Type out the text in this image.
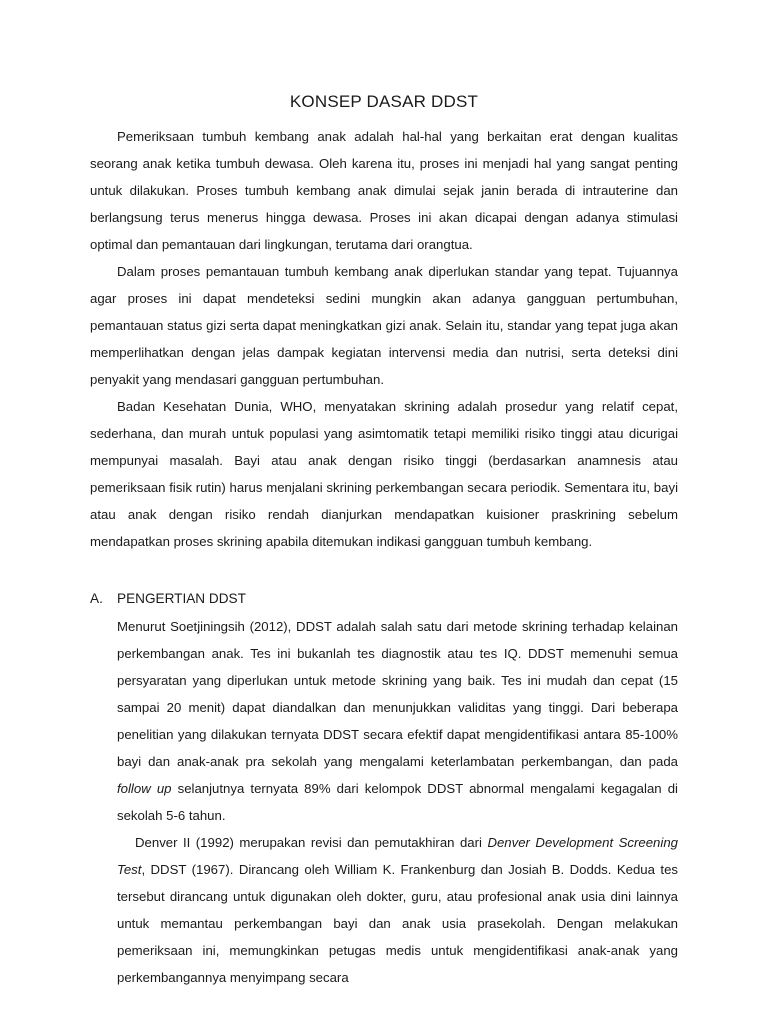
KONSEP DASAR DDST

Pemeriksaan tumbuh kembang anak adalah hal-hal yang berkaitan erat dengan kualitas seorang anak ketika tumbuh dewasa. Oleh karena itu, proses ini menjadi hal yang sangat penting untuk dilakukan. Proses tumbuh kembang anak dimulai sejak janin berada di intrauterine dan berlangsung terus menerus hingga dewasa. Proses ini akan dicapai dengan adanya stimulasi optimal dan pemantauan dari lingkungan, terutama dari orangtua.

Dalam proses pemantauan tumbuh kembang anak diperlukan standar yang tepat. Tujuannya agar proses ini dapat mendeteksi sedini mungkin akan adanya gangguan pertumbuhan, pemantauan status gizi serta dapat meningkatkan gizi anak. Selain itu, standar yang tepat juga akan memperlihatkan dengan jelas dampak kegiatan intervensi media dan nutrisi, serta deteksi dini penyakit yang mendasari gangguan pertumbuhan.

Badan Kesehatan Dunia, WHO, menyatakan skrining adalah prosedur yang relatif cepat, sederhana, dan murah untuk populasi yang asimtomatik tetapi memiliki risiko tinggi atau dicurigai mempunyai masalah. Bayi atau anak dengan risiko tinggi (berdasarkan anamnesis atau pemeriksaan fisik rutin) harus menjalani skrining perkembangan secara periodik. Sementara itu, bayi atau anak dengan risiko rendah dianjurkan mendapatkan kuisioner praskrining sebelum mendapatkan proses skrining apabila ditemukan indikasi gangguan tumbuh kembang.

A.	PENGERTIAN DDST

Menurut Soetjiningsih (2012), DDST adalah salah satu dari metode skrining terhadap kelainan perkembangan anak. Tes ini bukanlah tes diagnostik atau tes IQ. DDST memenuhi semua persyaratan yang diperlukan untuk metode skrining yang baik. Tes ini mudah dan cepat (15 sampai 20 menit) dapat diandalkan dan menunjukkan validitas yang tinggi. Dari beberapa penelitian yang dilakukan ternyata DDST secara efektif dapat mengidentifikasi antara 85-100% bayi dan anak-anak pra sekolah yang mengalami keterlambatan perkembangan, dan pada follow up selanjutnya ternyata 89% dari kelompok DDST abnormal mengalami kegagalan di sekolah 5-6 tahun.

Denver II (1992) merupakan revisi dan pemutakhiran dari Denver Development Screening Test, DDST (1967). Dirancang oleh William K. Frankenburg dan Josiah B. Dodds. Kedua tes tersebut dirancang untuk digunakan oleh dokter, guru, atau profesional anak usia dini lainnya untuk memantau perkembangan bayi dan anak usia prasekolah. Dengan melakukan pemeriksaan ini, memungkinkan petugas medis untuk mengidentifikasi anak-anak yang perkembangannya menyimpang secara
